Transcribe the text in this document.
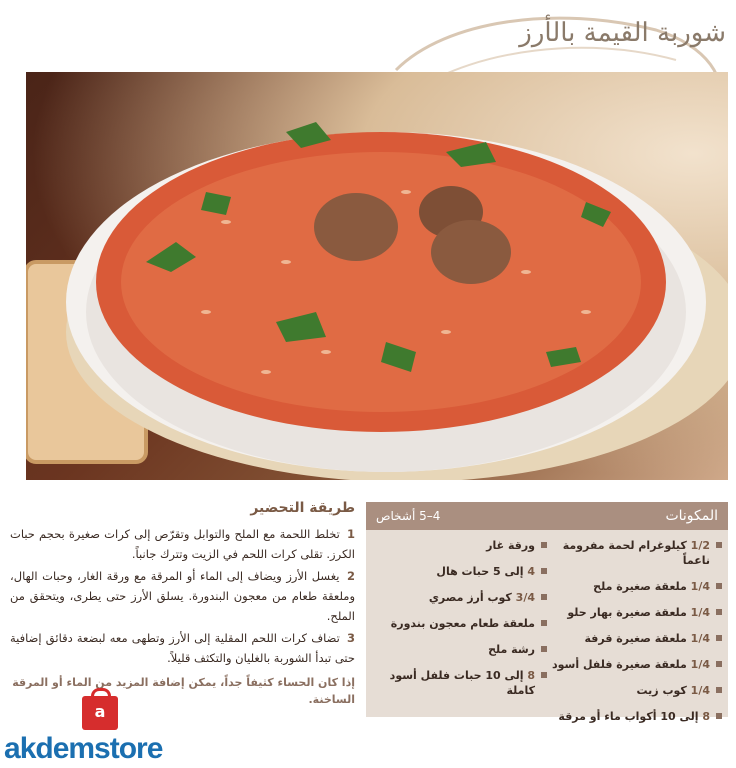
شوربة القيمة بالأرز
طريقة التحضير

1 تخلط اللحمة مع الملح والتوابل وتقرّص إلى كرات صغيرة بحجم حبات الكرز. تقلى كرات اللحم في الزيت وتترك جانباً.

2 يغسل الأرز ويضاف إلى الماء أو المرقة مع ورقة الغار، وحبات الهال، وملعقة طعام من معجون البندورة. يسلق الأرز حتى يطرى، ويتحقق من الملح.

3 تضاف كرات اللحم المقلية إلى الأرز وتطهى معه لبضعة دقائق إضافية حتى تبدأ الشوربة بالغليان والتكثف قليلاً.

إذا كان الحساء كثيفاً جداً، يمكن إضافة المزيد من الماء أو المرقة الساخنة.

المكونات
4–5 أشخاص
1/2 كيلوغرام لحمة مفرومة ناعماً
1/4 ملعقة صغيرة ملح
1/4 ملعقة صغيرة بهار حلو
1/4 ملعقة صغيرة قرفة
1/4 ملعقة صغيرة فلفل أسود
1/4 كوب زيت
8 إلى 10 أكواب ماء أو مرقة
ورقة غار
4 إلى 5 حبات هال
3/4 كوب أرز مصري
ملعقة طعام معجون بندورة
رشة ملح
8 إلى 10 حبات فلفل أسود كاملة
a
akdemstore
